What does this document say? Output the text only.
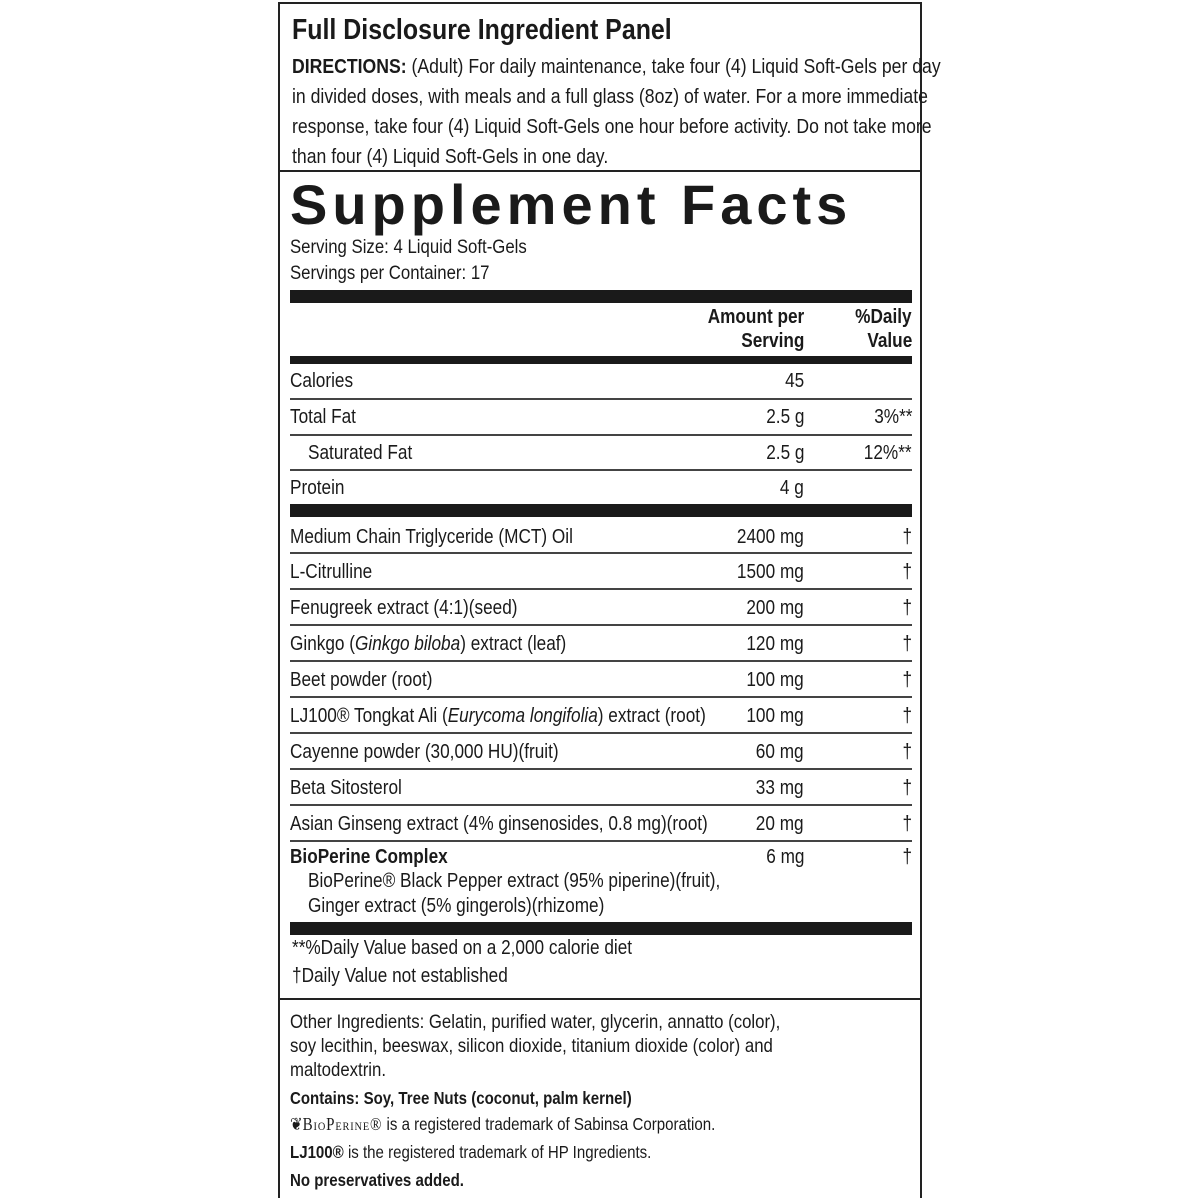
Full Disclosure Ingredient Panel
DIRECTIONS: (Adult) For daily maintenance, take four (4) Liquid Soft-Gels per day
in divided doses, with meals and a full glass (8oz) of water. For a more immediate
response, take four (4) Liquid Soft-Gels one hour before activity. Do not take more
than four (4) Liquid Soft-Gels in one day.
Supplement Facts
Serving Size: 4 Liquid Soft-Gels
Servings per Container: 17
Amount per
Serving
%Daily
Value
Calories	45
Total Fat	2.5 g	3%**
Saturated Fat	2.5 g	12%**
Protein	4 g
Medium Chain Triglyceride (MCT) Oil	2400 mg	†
L-Citrulline	1500 mg	†
Fenugreek extract (4:1)(seed)	200 mg	†
Ginkgo (Ginkgo biloba) extract (leaf)	120 mg	†
Beet powder (root)	100 mg	†
LJ100® Tongkat Ali (Eurycoma longifolia) extract (root)	100 mg	†
Cayenne powder (30,000 HU)(fruit)	60 mg	†
Beta Sitosterol	33 mg	†
Asian Ginseng extract (4% ginsenosides, 0.8 mg)(root)	20 mg	†
BioPerine Complex	6 mg	†
BioPerine® Black Pepper extract (95% piperine)(fruit),
Ginger extract (5% gingerols)(rhizome)
**%Daily Value based on a 2,000 calorie diet
†Daily Value not established
Other Ingredients: Gelatin, purified water, glycerin, annatto (color),
soy lecithin, beeswax, silicon dioxide, titanium dioxide (color) and
maltodextrin.
Contains: Soy, Tree Nuts (coconut, palm kernel)
❦BioPerine® is a registered trademark of Sabinsa Corporation.
LJ100® is the registered trademark of HP Ingredients.
No preservatives added.
